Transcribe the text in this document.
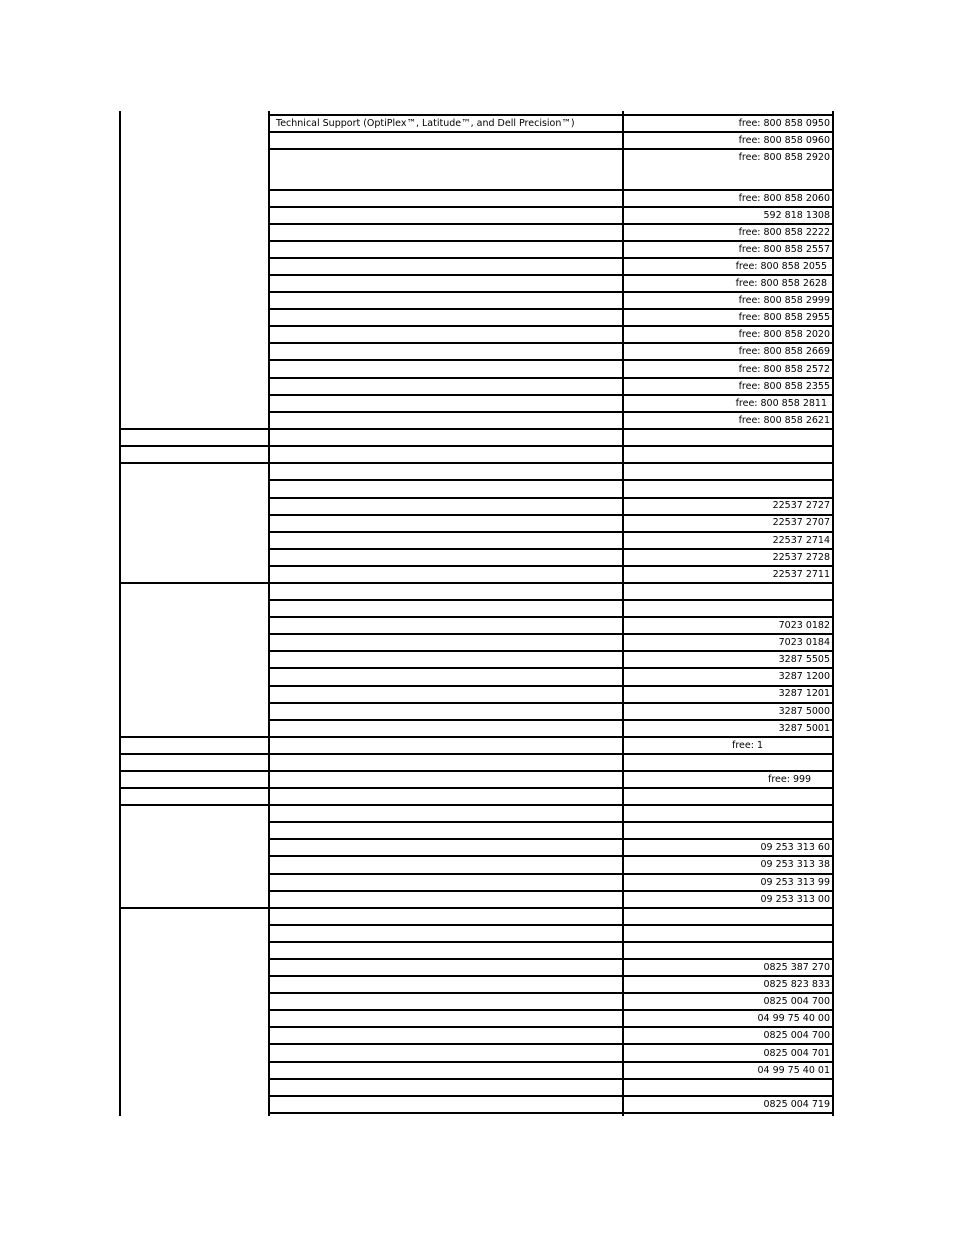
Technical Support (OptiPlex™, Latitude™, and Dell Precision™)	free: 800 858 0950
free: 800 858 0960
free: 800 858 2920
free: 800 858 2060
592 818 1308
free: 800 858 2222
free: 800 858 2557
free: 800 858 2055
free: 800 858 2628
free: 800 858 2999
free: 800 858 2955
free: 800 858 2020
free: 800 858 2669
free: 800 858 2572
free: 800 858 2355
free: 800 858 2811
free: 800 858 2621
22537 2727
22537 2707
22537 2714
22537 2728
22537 2711
7023 0182
7023 0184
3287 5505
3287 1200
3287 1201
3287 5000
3287 5001
free: 1
free: 999
09 253 313 60
09 253 313 38
09 253 313 99
09 253 313 00
0825 387 270
0825 823 833
0825 004 700
04 99 75 40 00
0825 004 700
0825 004 701
04 99 75 40 01
0825 004 719
